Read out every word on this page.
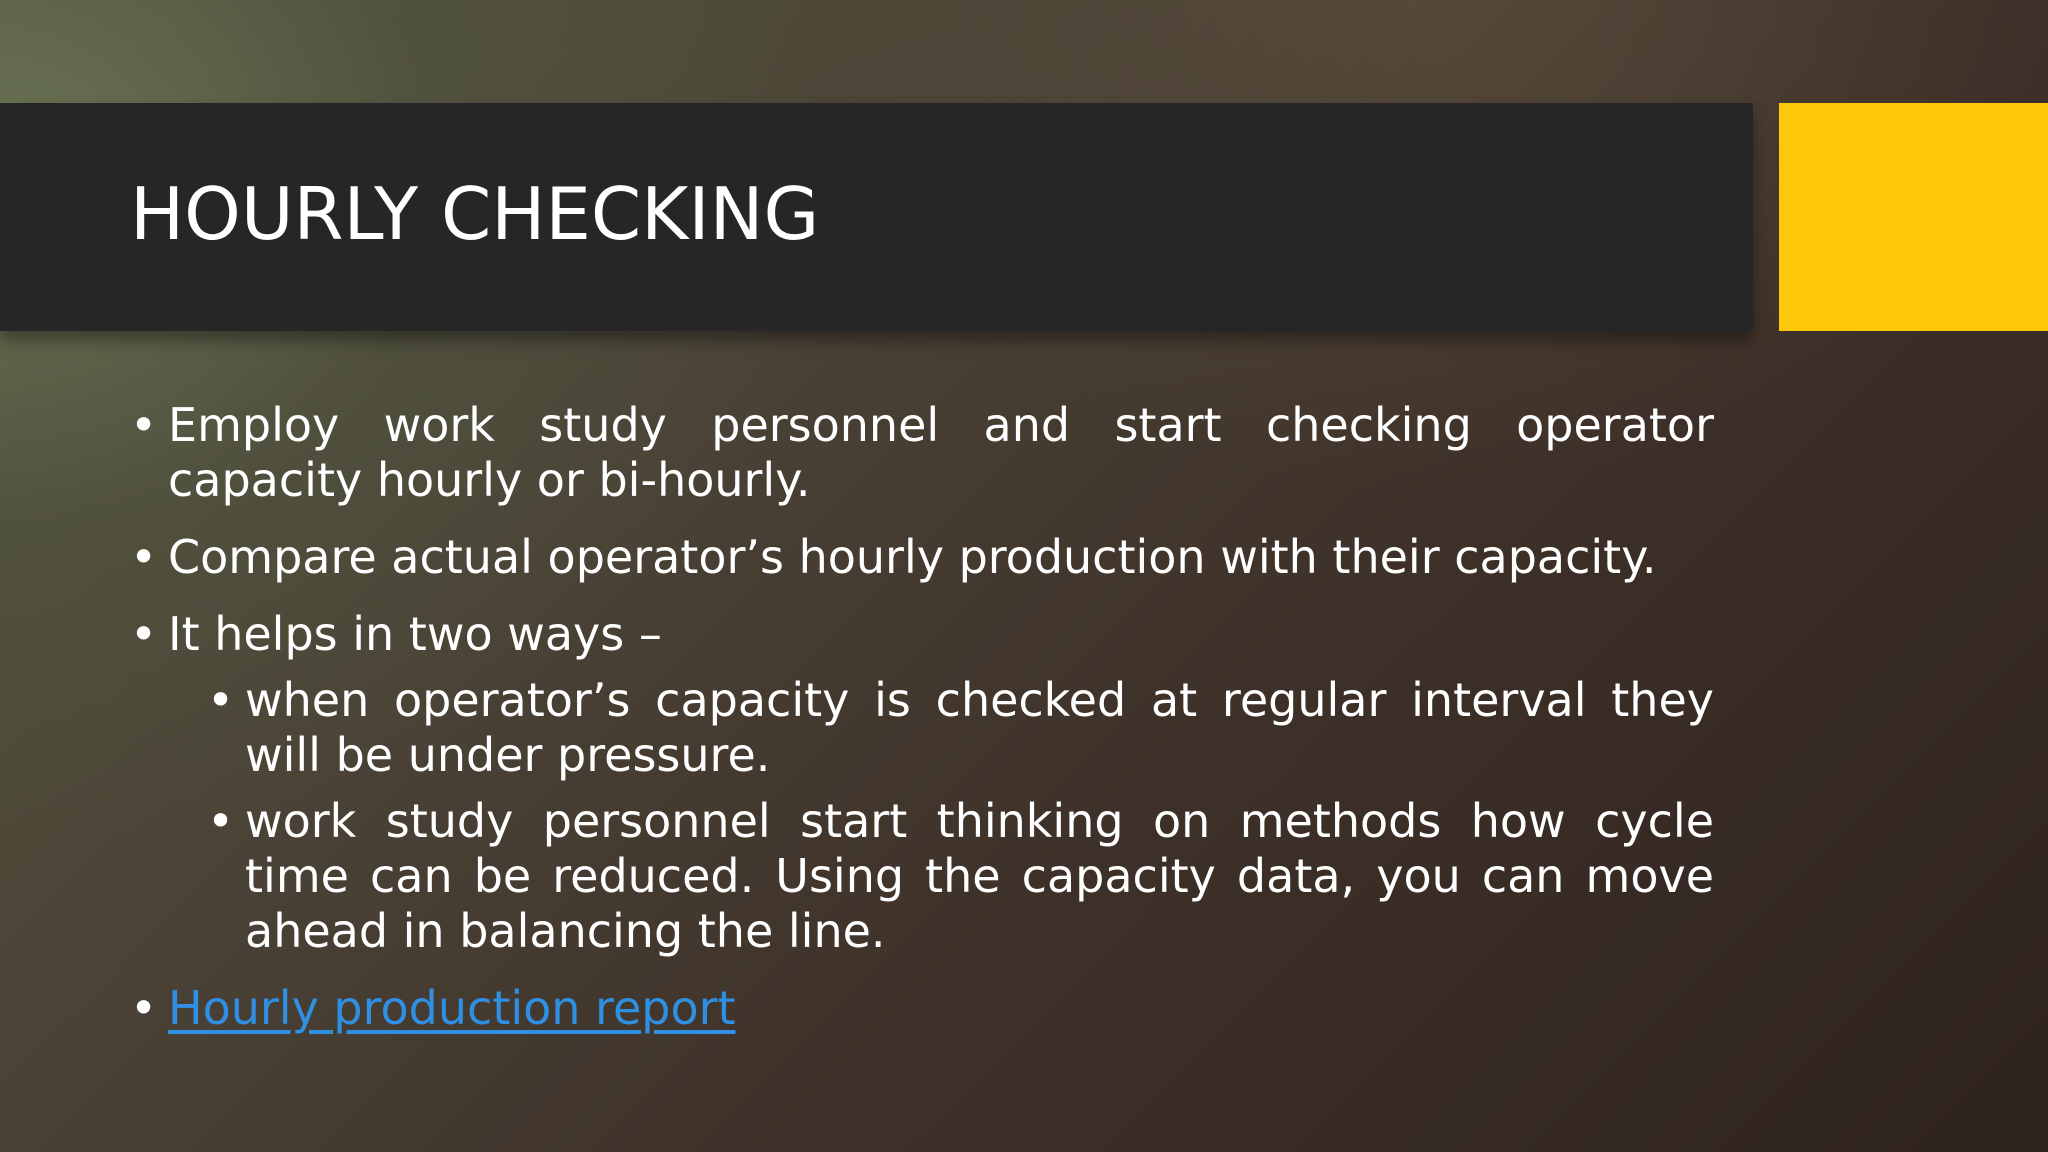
HOURLY CHECKING
• Employ work study personnel and start checking operator capacity hourly or bi-hourly.
• Compare actual operator’s hourly production with their capacity.
• It helps in two ways –
• when operator’s capacity is checked at regular interval they will be under pressure.
• work study personnel start thinking on methods how cycle time can be reduced. Using the capacity data, you can move ahead in balancing the line.
• Hourly production report
